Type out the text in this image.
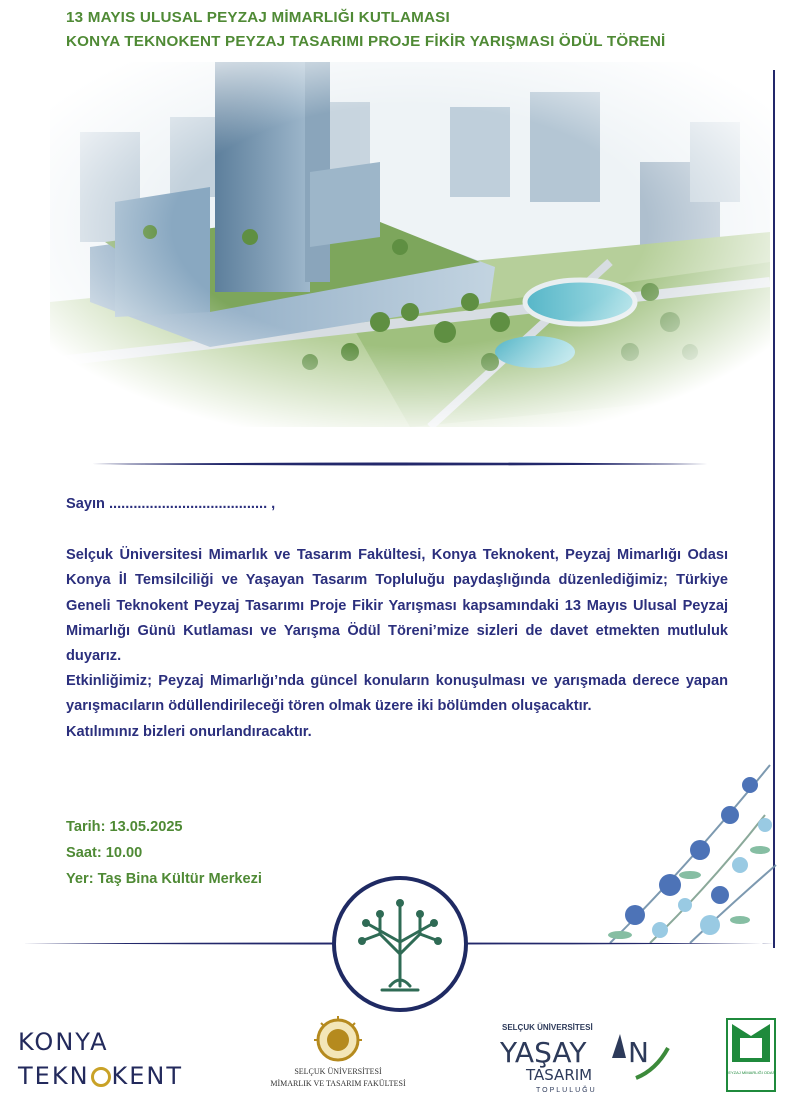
13 MAYIS ULUSAL PEYZAJ MİMARLIĞI KUTLAMASI
KONYA TEKNOKENT PEYZAJ TASARIMI PROJE FİKİR YARIŞMASI ÖDÜL TÖRENİ
Sayın ....................................... ,

Selçuk Üniversitesi Mimarlık ve Tasarım Fakültesi, Konya Teknokent, Peyzaj Mimarlığı Odası Konya İl Temsilciliği ve Yaşayan Tasarım Topluluğu paydaşlığında düzenlediğimiz; Türkiye Geneli Teknokent Peyzaj Tasarımı Proje Fikir Yarışması kapsamındaki 13 Mayıs Ulusal Peyzaj Mimarlığı Günü Kutlaması ve Yarışma Ödül Töreni’mize sizleri de davet etmekten mutluluk duyarız.

Etkinliğimiz; Peyzaj Mimarlığı’nda güncel konuların konuşulması ve yarışmada derece yapan yarışmacıların ödüllendirileceği tören olmak üzere iki bölümden oluşacaktır.

Katılımınız bizleri onurlandıracaktır.

Tarih: 13.05.2025
Saat: 10.00
Yer: Taş Bina Kültür Merkezi
KONYA
TEKN KENT	SELÇUK ÜNİVERSİTESİ
MİMARLIK VE TASARIM FAKÜLTESİ
SELÇUK ÜNİVERSİTESİ
YAŞAY N
TASARIM
TOPLULUĞU
PEYZAJ MİMARLIĞI ODASI
